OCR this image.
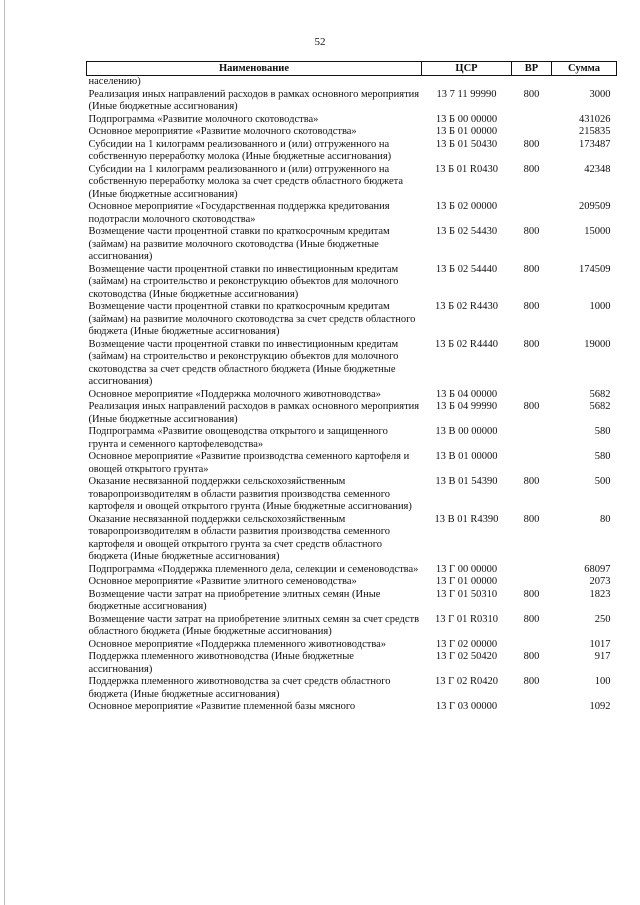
52
Наименование	ЦСР	ВР	Сумма
населению)			
Реализация иных направлений расходов в рамках основного мероприятия (Иные бюджетные ассигнования)	13 7 11 99990	800	3000
Подпрограмма «Развитие молочного скотоводства»	13 Б 00 00000		431026
Основное мероприятие «Развитие молочного скотоводства»	13 Б 01 00000		215835
Субсидии на 1 килограмм реализованного и (или) отгруженного на собственную переработку молока (Иные бюджетные ассигнования)	13 Б 01 50430	800	173487
Субсидии на 1 килограмм реализованного и (или) отгруженного на собственную переработку молока за счет средств областного бюджета (Иные бюджетные ассигнования)	13 Б 01 R0430	800	42348
Основное мероприятие «Государственная поддержка кредитования подотрасли молочного скотоводства»	13 Б 02 00000		209509
Возмещение части процентной ставки по краткосрочным кредитам (займам) на развитие молочного скотоводства (Иные бюджетные ассигнования)	13 Б 02 54430	800	15000
Возмещение части процентной ставки по инвестиционным кредитам (займам) на строительство и реконструкцию объектов для молочного скотоводства (Иные бюджетные ассигнования)	13 Б 02 54440	800	174509
Возмещение части процентной ставки по краткосрочным кредитам (займам) на развитие молочного скотоводства за счет средств областного бюджета (Иные бюджетные ассигнования)	13 Б 02 R4430	800	1000
Возмещение части процентной ставки по инвестиционным кредитам (займам) на строительство и реконструкцию объектов для молочного скотоводства за счет средств областного бюджета (Иные бюджетные ассигнования)	13 Б 02 R4440	800	19000
Основное мероприятие «Поддержка молочного животноводства»	13 Б 04 00000		5682
Реализация иных направлений расходов в рамках основного мероприятия (Иные бюджетные ассигнования)	13 Б 04 99990	800	5682
Подпрограмма «Развитие овощеводства открытого и защищенного грунта и семенного картофелеводства»	13 В 00 00000		580
Основное мероприятие «Развитие производства семенного картофеля и овощей открытого грунта»	13 В 01 00000		580
Оказание несвязанной поддержки сельскохозяйственным товаропроизводителям в области развития производства семенного картофеля и овощей открытого грунта (Иные бюджетные ассигнования)	13 В 01 54390	800	500
Оказание несвязанной поддержки сельскохозяйственным товаропроизводителям в области развития производства семенного картофеля и овощей открытого грунта за счет средств областного бюджета (Иные бюджетные ассигнования)	13 В 01 R4390	800	80
Подпрограмма «Поддержка племенного дела, селекции и семеноводства»	13 Г 00 00000		68097
Основное мероприятие «Развитие элитного семеноводства»	13 Г 01 00000		2073
Возмещение части затрат на приобретение элитных семян (Иные бюджетные ассигнования)	13 Г 01 50310	800	1823
Возмещение части затрат на приобретение элитных семян за счет средств областного бюджета (Иные бюджетные ассигнования)	13 Г 01 R0310	800	250
Основное мероприятие «Поддержка племенного животноводства»	13 Г 02 00000		1017
Поддержка племенного животноводства (Иные бюджетные ассигнования)	13 Г 02 50420	800	917
Поддержка племенного животноводства за счет средств областного бюджета (Иные бюджетные ассигнования)	13 Г 02 R0420	800	100
Основное мероприятие «Развитие племенной базы мясного	13 Г 03 00000		1092
